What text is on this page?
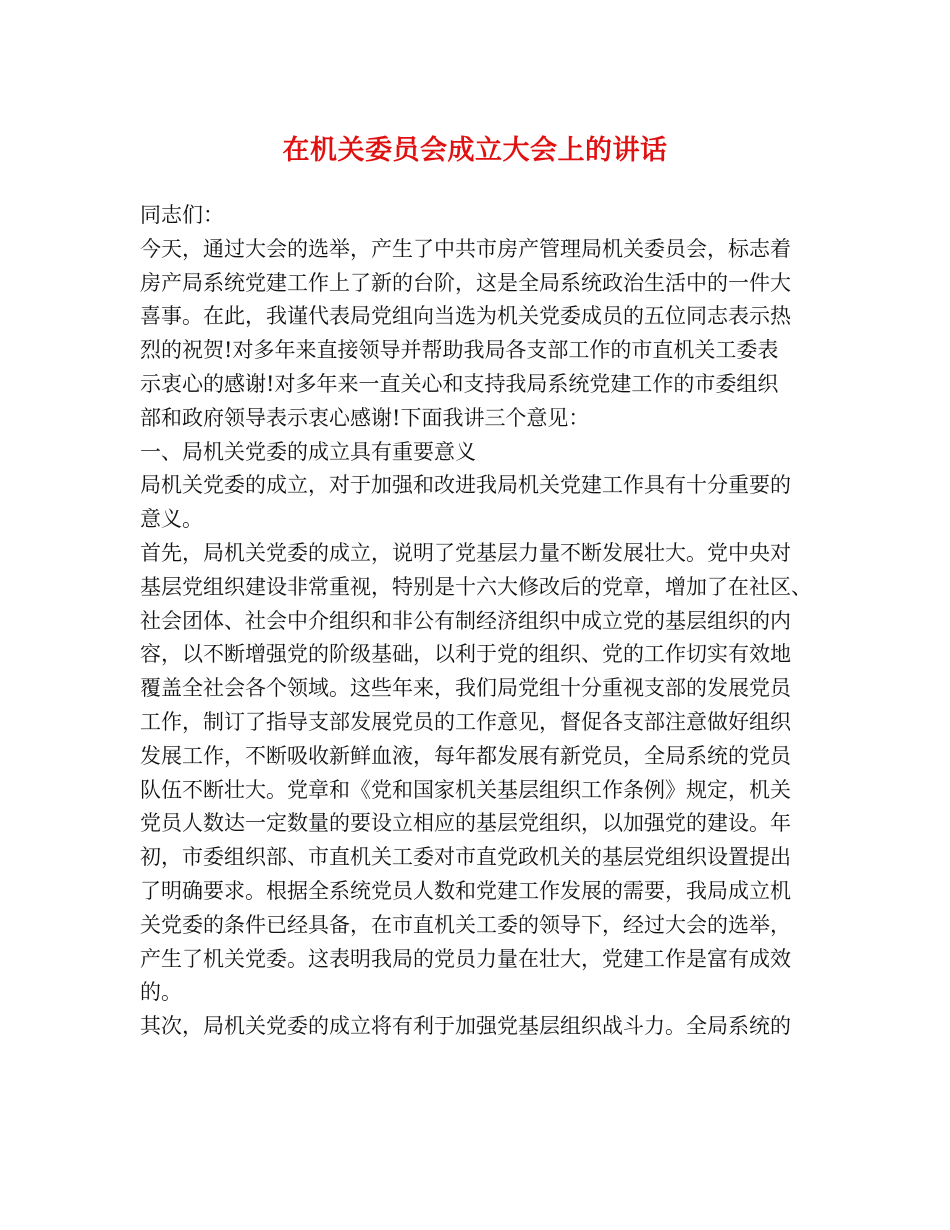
在机关委员会成立大会上的讲话
同志们：
今天，通过大会的选举，产生了中共市房产管理局机关委员会，标志着
房产局系统党建工作上了新的台阶，这是全局系统政治生活中的一件大
喜事。在此，我谨代表局党组向当选为机关党委成员的五位同志表示热
烈的祝贺!对多年来直接领导并帮助我局各支部工作的市直机关工委表
示衷心的感谢!对多年来一直关心和支持我局系统党建工作的市委组织
部和政府领导表示衷心感谢!下面我讲三个意见：
一、局机关党委的成立具有重要意义
局机关党委的成立，对于加强和改进我局机关党建工作具有十分重要的
意义。
首先，局机关党委的成立，说明了党基层力量不断发展壮大。党中央对
基层党组织建设非常重视，特别是十六大修改后的党章，增加了在社区、
社会团体、社会中介组织和非公有制经济组织中成立党的基层组织的内
容，以不断增强党的阶级基础，以利于党的组织、党的工作切实有效地
覆盖全社会各个领域。这些年来，我们局党组十分重视支部的发展党员
工作，制订了指导支部发展党员的工作意见，督促各支部注意做好组织
发展工作，不断吸收新鲜血液，每年都发展有新党员，全局系统的党员
队伍不断壮大。党章和《党和国家机关基层组织工作条例》规定，机关
党员人数达一定数量的要设立相应的基层党组织，以加强党的建设。年
初，市委组织部、市直机关工委对市直党政机关的基层党组织设置提出
了明确要求。根据全系统党员人数和党建工作发展的需要，我局成立机
关党委的条件已经具备，在市直机关工委的领导下，经过大会的选举，
产生了机关党委。这表明我局的党员力量在壮大，党建工作是富有成效
的。
其次，局机关党委的成立将有利于加强党基层组织战斗力。全局系统的
